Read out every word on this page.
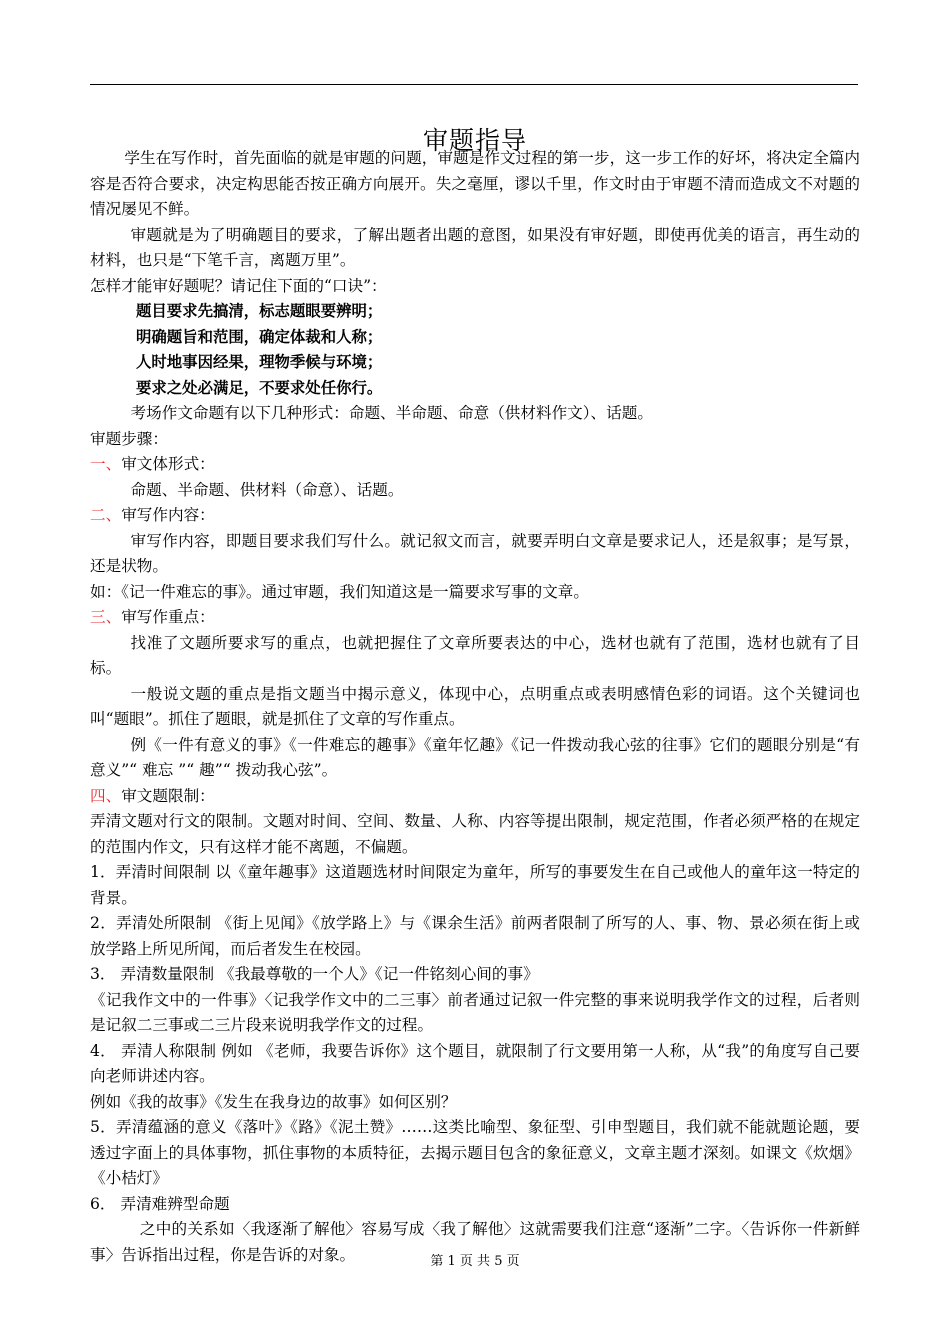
审题指导

学生在写作时，首先面临的就是审题的问题，审题是作文过程的第一步，这一步工作的好坏，将决定全篇内容是否符合要求，决定构思能否按正确方向展开。失之毫厘，谬以千里，作文时由于审题不清而造成文不对题的情况屡见不鲜。

审题就是为了明确题目的要求，了解出题者出题的意图，如果没有审好题，即使再优美的语言，再生动的材料，也只是“下笔千言，离题万里”。

怎样才能审好题呢？请记住下面的“口诀”：

题目要求先搞清，标志题眼要辨明；

明确题旨和范围，确定体裁和人称；

人时地事因经果，理物季候与环境；

要求之处必满足，不要求处任你行。

考场作文命题有以下几种形式：命题、半命题、命意（供材料作文）、话题。

审题步骤：

一、审文体形式：

命题、半命题、供材料（命意）、话题。

二、审写作内容：

审写作内容，即题目要求我们写什么。就记叙文而言，就要弄明白文章是要求记人，还是叙事；是写景，还是状物。

如：《记一件难忘的事》。通过审题，我们知道这是一篇要求写事的文章。

三、审写作重点：

找准了文题所要求写的重点，也就把握住了文章所要表达的中心，选材也就有了范围，选材也就有了目标。

一般说文题的重点是指文题当中揭示意义，体现中心，点明重点或表明感情色彩的词语。这个关键词也叫“题眼”。抓住了题眼，就是抓住了文章的写作重点。

例《一件有意义的事》《一件难忘的趣事》《童年忆趣》《记一件拨动我心弦的往事》它们的题眼分别是“有意义”“ 难忘 ”“ 趣”“ 拨动我心弦”。

四、审文题限制：

弄清文题对行文的限制。文题对时间、空间、数量、人称、内容等提出限制，规定范围，作者必须严格的在规定的范围内作文，只有这样才能不离题，不偏题。

1．弄清时间限制 以《童年趣事》这道题选材时间限定为童年，所写的事要发生在自己或他人的童年这一特定的背景。

2．弄清处所限制 《街上见闻》《放学路上》与《课余生活》前两者限制了所写的人、事、物、景必须在街上或放学路上所见所闻，而后者发生在校园。

3． 弄清数量限制 《我最尊敬的一个人》《记一件铭刻心间的事》

《记我作文中的一件事》〈记我学作文中的二三事〉前者通过记叙一件完整的事来说明我学作文的过程，后者则是记叙二三事或二三片段来说明我学作文的过程。

4． 弄清人称限制 例如 《老师，我要告诉你》这个题目，就限制了行文要用第一人称，从“我”的角度写自己要向老师讲述内容。

例如《我的故事》《发生在我身边的故事》如何区别？

5．弄清蕴涵的意义《落叶》《路》《泥土赞》……这类比喻型、象征型、引申型题目，我们就不能就题论题，要透过字面上的具体事物，抓住事物的本质特征，去揭示题目包含的象征意义，文章主题才深刻。如课文《炊烟》《小桔灯》

6． 弄清难辨型命题

之中的关系如〈我逐渐了解他〉容易写成〈我了解他〉这就需要我们注意“逐渐”二字。〈告诉你一件新鲜事〉告诉指出过程，你是告诉的对象。	第 1 页 共 5 页
